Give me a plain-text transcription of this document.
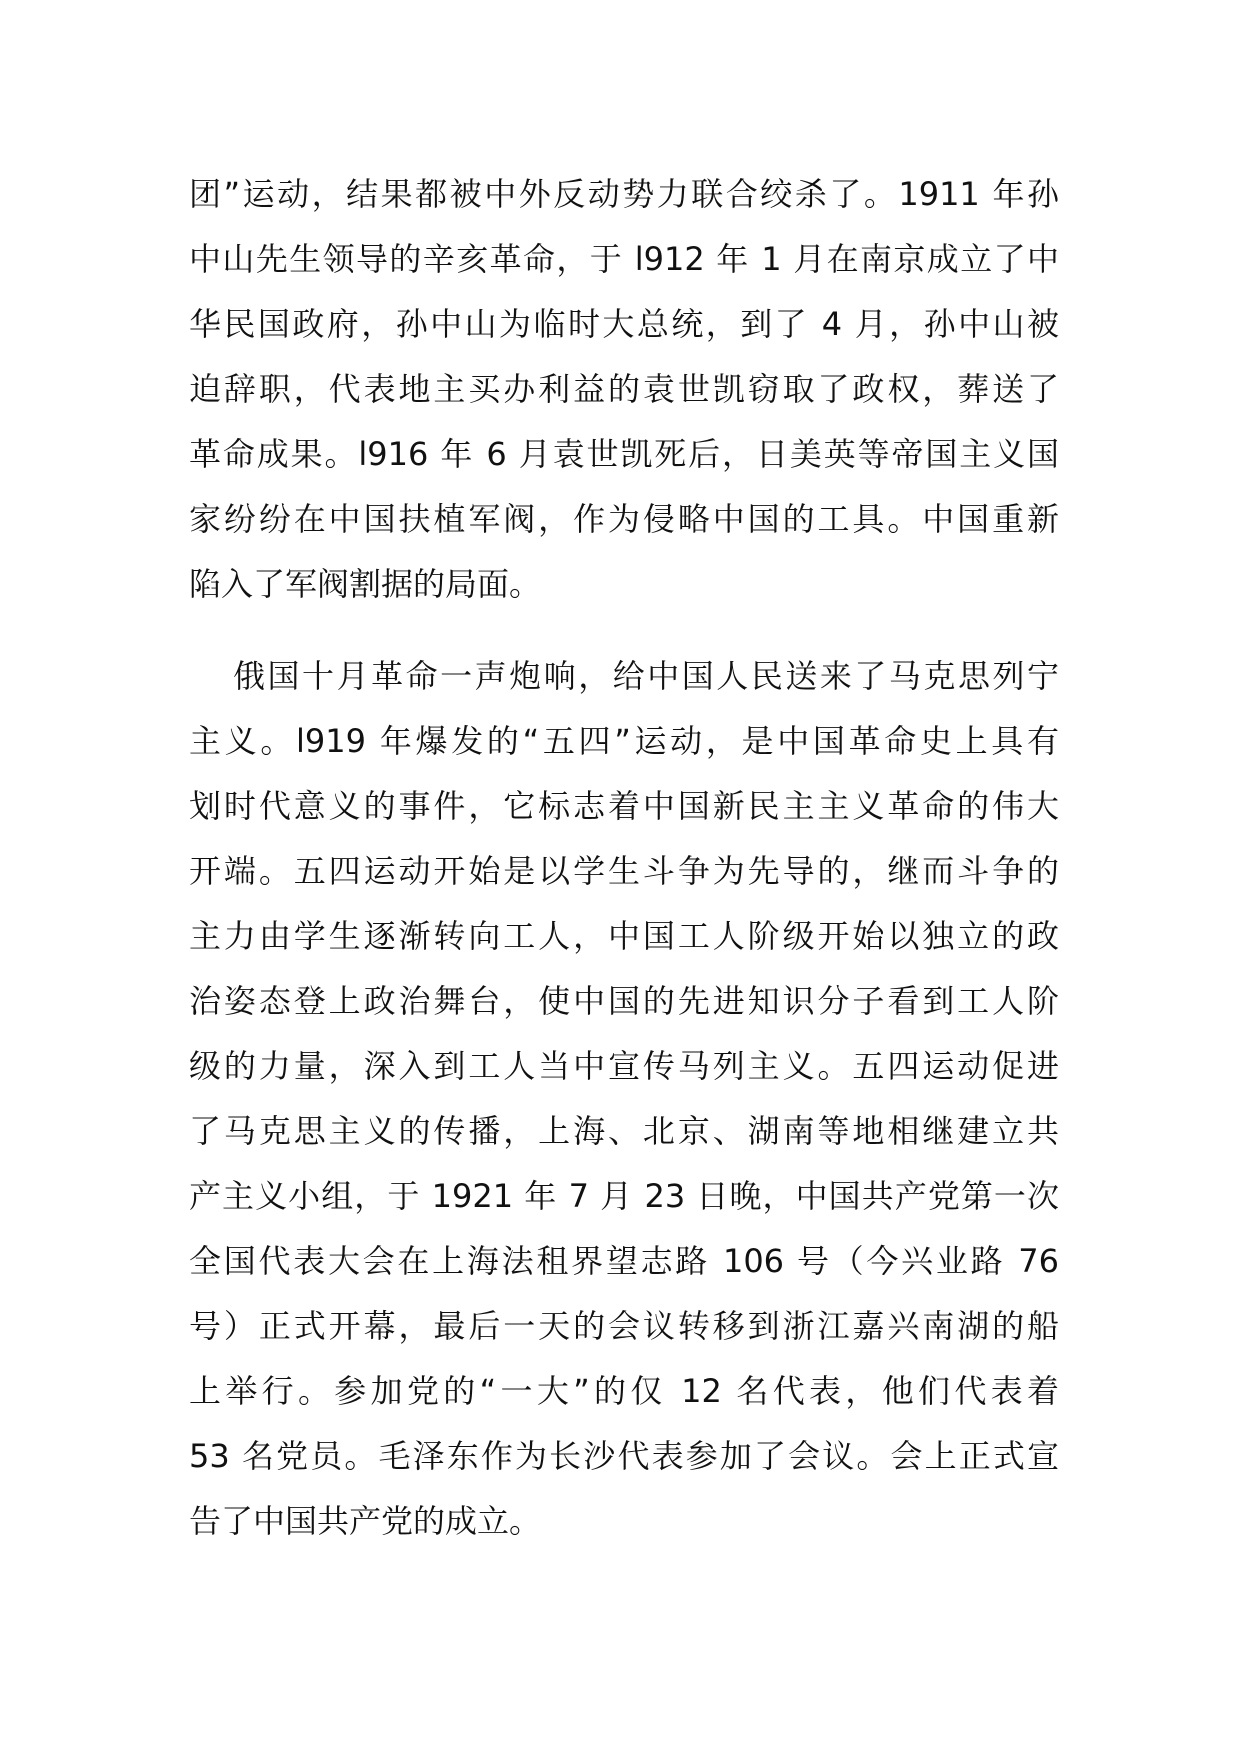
团”运动，结果都被中外反动势力联合绞杀了。1911 年孙
中山先生领导的辛亥革命，于 l912 年 1 月在南京成立了中
华民国政府，孙中山为临时大总统，到了 4 月，孙中山被
迫辞职，代表地主买办利益的袁世凯窃取了政权，葬送了
革命成果。l916 年 6 月袁世凯死后，日美英等帝国主义国
家纷纷在中国扶植军阀，作为侵略中国的工具。中国重新
陷入了军阀割据的局面。
俄国十月革命一声炮响，给中国人民送来了马克思列宁
主义。l919 年爆发的“五四”运动，是中国革命史上具有
划时代意义的事件，它标志着中国新民主主义革命的伟大
开端。五四运动开始是以学生斗争为先导的，继而斗争的
主力由学生逐渐转向工人，中国工人阶级开始以独立的政
治姿态登上政治舞台，使中国的先进知识分子看到工人阶
级的力量，深入到工人当中宣传马列主义。五四运动促进
了马克思主义的传播，上海、北京、湖南等地相继建立共
产主义小组，于 1921 年 7 月 23 日晚，中国共产党第一次
全国代表大会在上海法租界望志路 106 号（今兴业路 76
号）正式开幕，最后一天的会议转移到浙江嘉兴南湖的船
上举行。参加党的“一大”的仅 12 名代表，他们代表着
53 名党员。毛泽东作为长沙代表参加了会议。会上正式宣
告了中国共产党的成立。
